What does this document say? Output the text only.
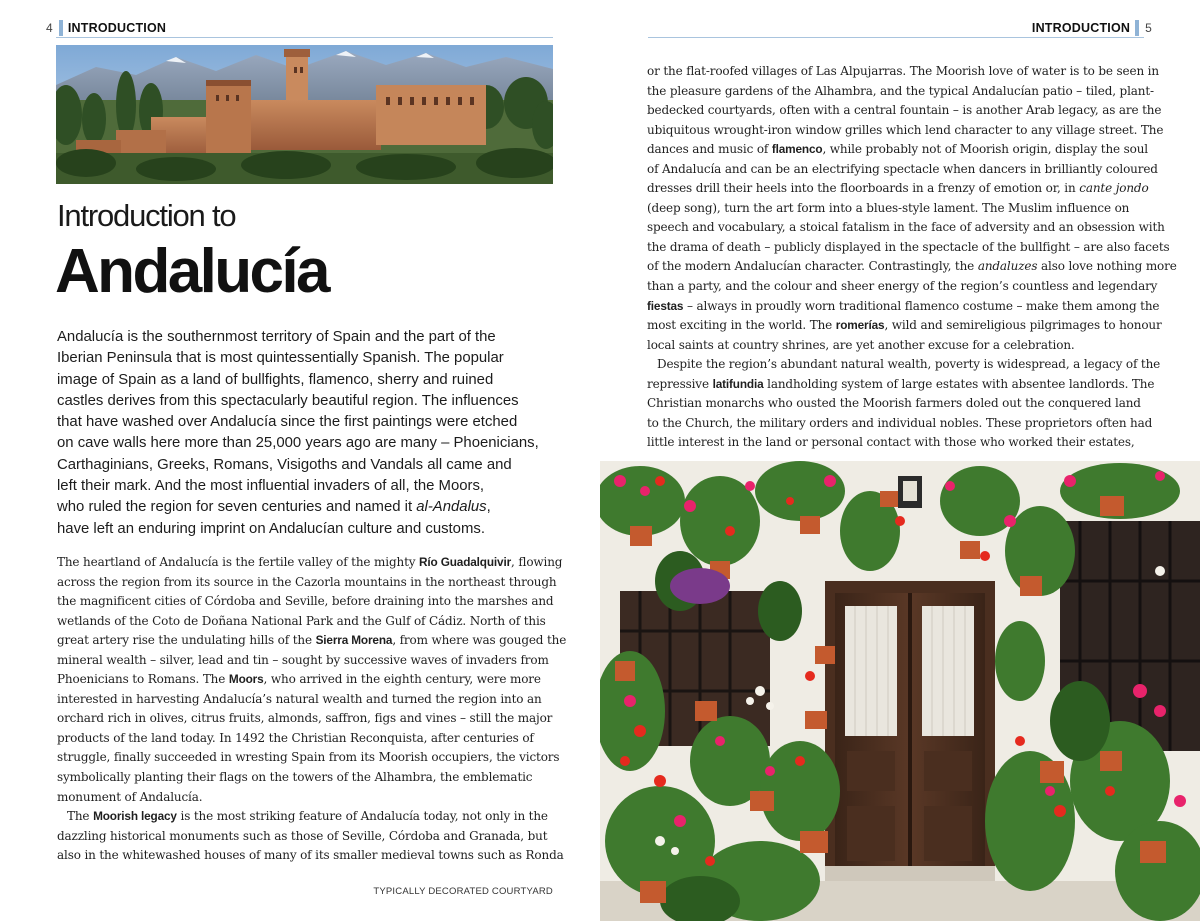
4 INTRODUCTION
Introduction to
Andalucía
Andalucía is the southernmost territory of Spain and the part of the
Iberian Peninsula that is most quintessentially Spanish. The popular
image of Spain as a land of bullfights, flamenco, sherry and ruined
castles derives from this spectacularly beautiful region. The influences
that have washed over Andalucía since the first paintings were etched
on cave walls here more than 25,000 years ago are many – Phoenicians,
Carthaginians, Greeks, Romans, Visigoths and Vandals all came and
left their mark. And the most influential invaders of all, the Moors,
who ruled the region for seven centuries and named it al-Andalus,
have left an enduring imprint on Andalucían culture and customs.
The heartland of Andalucía is the fertile valley of the mighty Río Guadalquivir, flowing
across the region from its source in the Cazorla mountains in the northeast through
the magnificent cities of Córdoba and Seville, before draining into the marshes and
wetlands of the Coto de Doñana National Park and the Gulf of Cádiz. North of this
great artery rise the undulating hills of the Sierra Morena, from where was gouged the
mineral wealth – silver, lead and tin – sought by successive waves of invaders from
Phoenicians to Romans. The Moors, who arrived in the eighth century, were more
interested in harvesting Andalucía’s natural wealth and turned the region into an
orchard rich in olives, citrus fruits, almonds, saffron, figs and vines – still the major
products of the land today. In 1492 the Christian Reconquista, after centuries of
struggle, finally succeeded in wresting Spain from its Moorish occupiers, the victors
symbolically planting their flags on the towers of the Alhambra, the emblematic
monument of Andalucía.
The Moorish legacy is the most striking feature of Andalucía today, not only in the
dazzling historical monuments such as those of Seville, Córdoba and Granada, but
also in the whitewashed houses of many of its smaller medieval towns such as Ronda
TYPICALLY DECORATED COURTYARD
INTRODUCTION 5
or the flat-roofed villages of Las Alpujarras. The Moorish love of water is to be seen in
the pleasure gardens of the Alhambra, and the typical Andalucían patio – tiled, plant-
bedecked courtyards, often with a central fountain – is another Arab legacy, as are the
ubiquitous wrought-iron window grilles which lend character to any village street. The
dances and music of flamenco, while probably not of Moorish origin, display the soul
of Andalucía and can be an electrifying spectacle when dancers in brilliantly coloured
dresses drill their heels into the floorboards in a frenzy of emotion or, in cante jondo
(deep song), turn the art form into a blues-style lament. The Muslim influence on
speech and vocabulary, a stoical fatalism in the face of adversity and an obsession with
the drama of death – publicly displayed in the spectacle of the bullfight – are also facets
of the modern Andalucían character. Contrastingly, the andaluzes also love nothing more
than a party, and the colour and sheer energy of the region’s countless and legendary
fiestas – always in proudly worn traditional flamenco costume – make them among the
most exciting in the world. The romerías, wild and semireligious pilgrimages to honour
local saints at country shrines, are yet another excuse for a celebration.
Despite the region’s abundant natural wealth, poverty is widespread, a legacy of the
repressive latifundia landholding system of large estates with absentee landlords. The
Christian monarchs who ousted the Moorish farmers doled out the conquered land
to the Church, the military orders and individual nobles. These proprietors often had
little interest in the land or personal contact with those who worked their estates,
